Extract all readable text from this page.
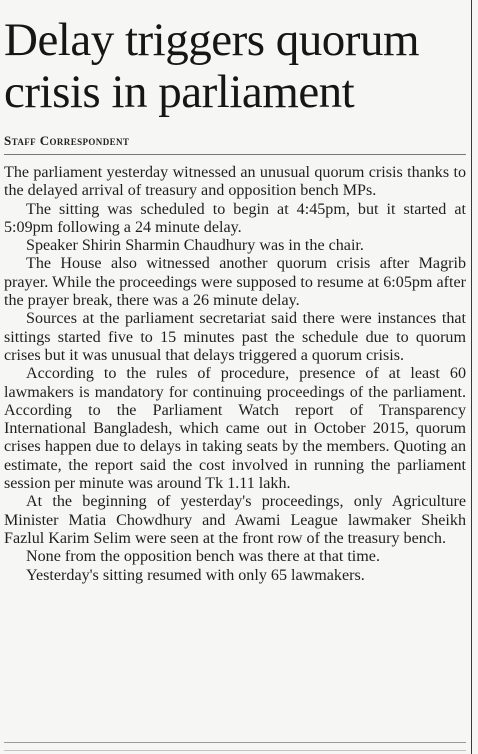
Delay triggers quorum crisis in parliament
Staff Correspondent

The parliament yesterday witnessed an unusual quorum crisis thanks to the delayed arrival of treasury and opposition bench MPs.

The sitting was scheduled to begin at 4:45pm, but it started at 5:09pm following a 24 minute delay.

Speaker Shirin Sharmin Chaudhury was in the chair.

The House also witnessed another quorum crisis after Magrib prayer. While the proceedings were supposed to resume at 6:05pm after the prayer break, there was a 26 minute delay.

Sources at the parliament secretariat said there were instances that sittings started five to 15 minutes past the schedule due to quorum crises but it was unusual that delays triggered a quorum crisis.

According to the rules of procedure, presence of at least 60 lawmakers is mandatory for continuing proceedings of the parliament. According to the Parliament Watch report of Transparency International Bangladesh, which came out in October 2015, quorum crises happen due to delays in taking seats by the members. Quoting an estimate, the report said the cost involved in running the parliament session per minute was around Tk 1.11 lakh.

At the beginning of yesterday's proceedings, only Agriculture Minister Matia Chowdhury and Awami League lawmaker Sheikh Fazlul Karim Selim were seen at the front row of the treasury bench.

None from the opposition bench was there at that time.

Yesterday's sitting resumed with only 65 lawmakers.
